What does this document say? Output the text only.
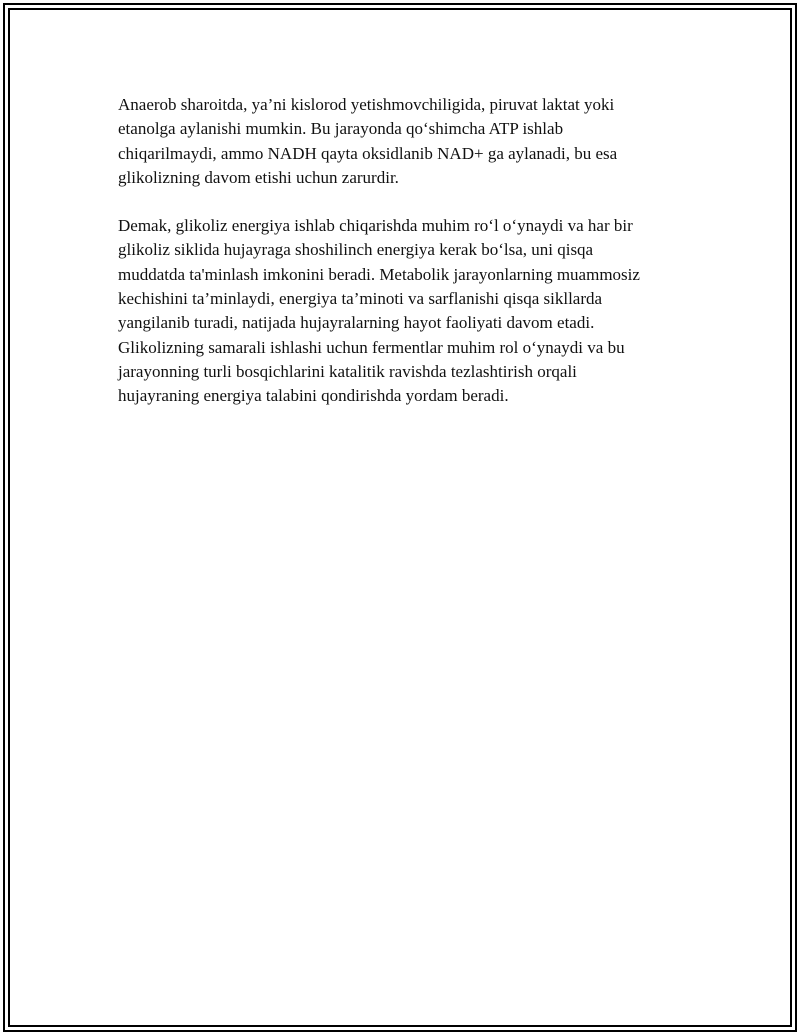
Anaerob sharoitda, ya’ni kislorod yetishmovchiligida, piruvat laktat yoki
etanolga aylanishi mumkin. Bu jarayonda qo‘shimcha ATP ishlab
chiqarilmaydi, ammo NADH qayta oksidlanib NAD+ ga aylanadi, bu esa
glikolizning davom etishi uchun zarurdir.

Demak, glikoliz energiya ishlab chiqarishda muhim ro‘l o‘ynaydi va har bir
glikoliz siklida hujayraga shoshilinch energiya kerak bo‘lsa, uni qisqa
muddatda ta'minlash imkonini beradi. Metabolik jarayonlarning muammosiz
kechishini ta’minlaydi, energiya ta’minoti va sarflanishi qisqa sikllarda
yangilanib turadi, natijada hujayralarning hayot faoliyati davom etadi.
Glikolizning samarali ishlashi uchun fermentlar muhim rol o‘ynaydi va bu
jarayonning turli bosqichlarini katalitik ravishda tezlashtirish orqali
hujayraning energiya talabini qondirishda yordam beradi.
